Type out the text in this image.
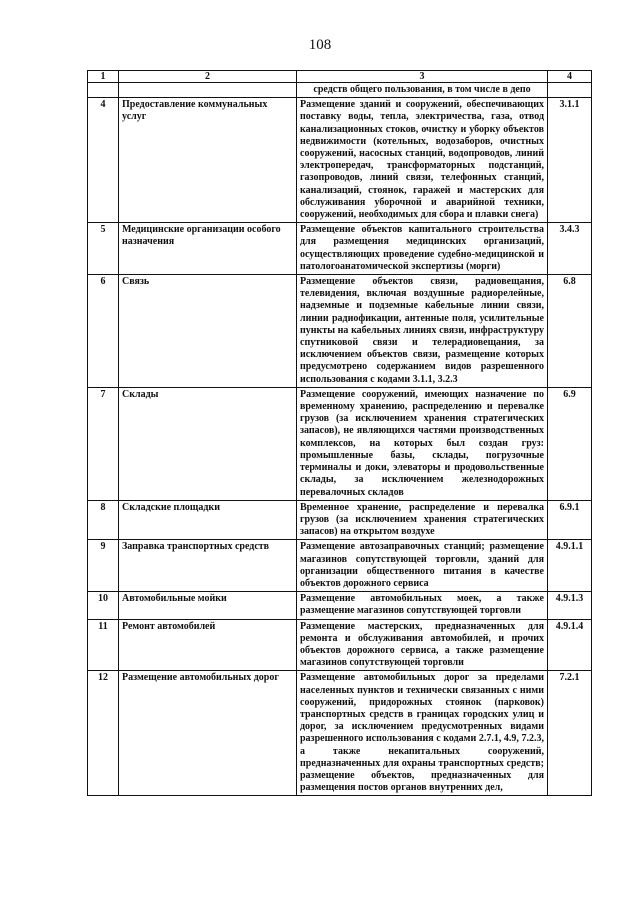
108
1	2	3	4
		средств общего пользования, в том числе в депо	
4	Предоставление коммунальных услуг	Размещение зданий и сооружений, обеспечивающих поставку воды, тепла, электричества, газа, отвод канализационных стоков, очистку и уборку объектов недвижимости (котельных, водозаборов, очистных сооружений, насосных станций, водопроводов, линий электропередач, трансформаторных подстанций, газопроводов, линий связи, телефонных станций, канализаций, стоянок, гаражей и мастерских для обслуживания уборочной и аварийной техники, сооружений, необходимых для сбора и плавки снега)	3.1.1
5	Медицинские организации особого назначения	Размещение объектов капитального строительства для размещения медицинских организаций, осуществляющих проведение судебно-медицинской и патологоанатомической экспертизы (морги)	3.4.3
6	Связь	Размещение объектов связи, радиовещания, телевидения, включая воздушные радиорелейные, надземные и подземные кабельные линии связи, линии радиофикации, антенные поля, усилительные пункты на кабельных линиях связи, инфраструктуру спутниковой связи и телерадиовещания, за исключением объектов связи, размещение которых предусмотрено содержанием видов разрешенного использования с кодами 3.1.1, 3.2.3	6.8
7	Склады	Размещение сооружений, имеющих назначение по временному хранению, распределению и перевалке грузов (за исключением хранения стратегических запасов), не являющихся частями производственных комплексов, на которых был создан груз: промышленные базы, склады, погрузочные терминалы и доки, элеваторы и продовольственные склады, за исключением железнодорожных перевалочных складов	6.9
8	Складские площадки	Временное хранение, распределение и перевалка грузов (за исключением хранения стратегических запасов) на открытом воздухе	6.9.1
9	Заправка транспортных средств	Размещение автозаправочных станций; размещение магазинов сопутствующей торговли, зданий для организации общественного питания в качестве объектов дорожного сервиса	4.9.1.1
10	Автомобильные мойки	Размещение автомобильных моек, а также размещение магазинов сопутствующей торговли	4.9.1.3
11	Ремонт автомобилей	Размещение мастерских, предназначенных для ремонта и обслуживания автомобилей, и прочих объектов дорожного сервиса, а также размещение магазинов сопутствующей торговли	4.9.1.4
12	Размещение автомобильных дорог	Размещение автомобильных дорог за пределами населенных пунктов и технически связанных с ними сооружений, придорожных стоянок (парковок) транспортных средств в границах городских улиц и дорог, за исключением предусмотренных видами разрешенного использования с кодами 2.7.1, 4.9, 7.2.3, а также некапитальных сооружений, предназначенных для охраны транспортных средств; размещение объектов, предназначенных для размещения постов органов внутренних дел,	7.2.1
